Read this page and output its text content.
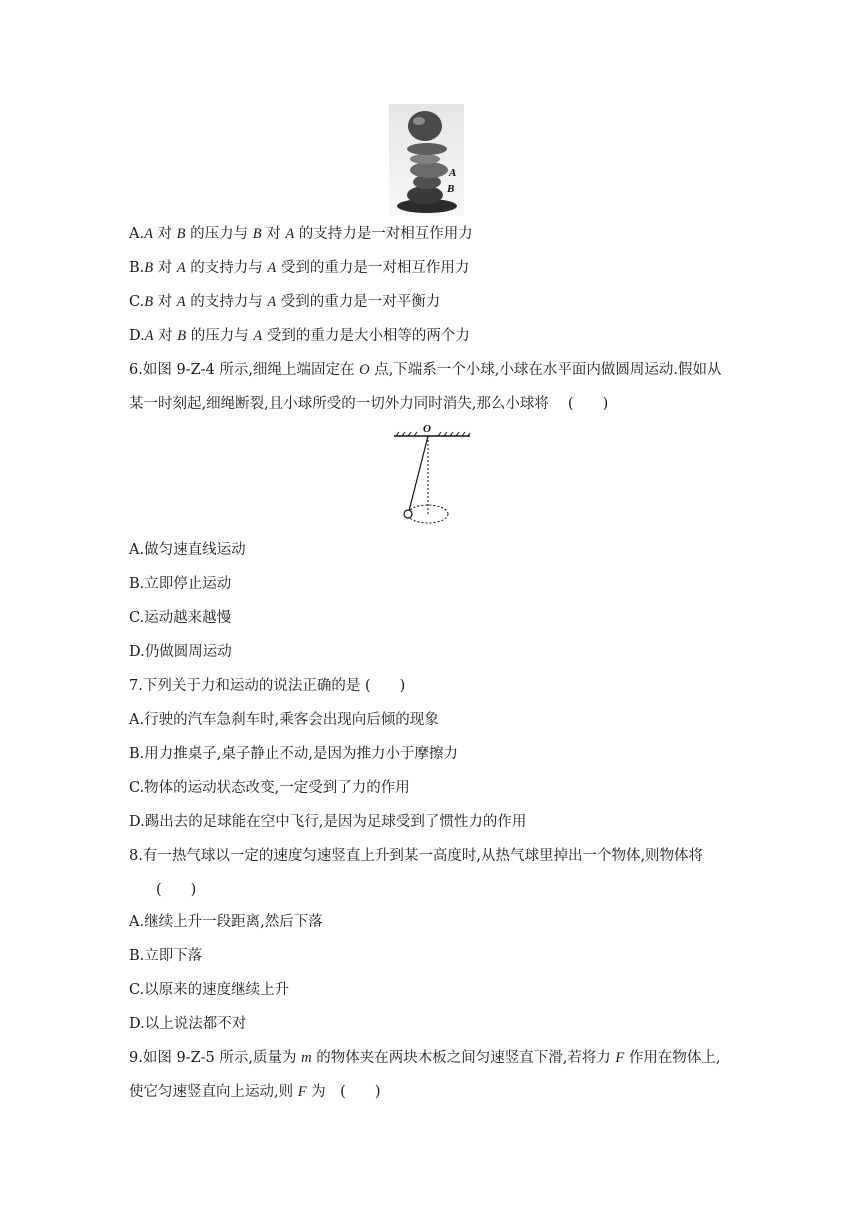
A
B
A.A 对 B 的压力与 B 对 A 的支持力是一对相互作用力
B.B 对 A 的支持力与 A 受到的重力是一对相互作用力
C.B 对 A 的支持力与 A 受到的重力是一对平衡力
D.A 对 B 的压力与 A 受到的重力是大小相等的两个力
6.如图 9-Z-4 所示,细绳上端固定在 O 点,下端系一个小球,小球在水平面内做圆周运动.假如从
某一时刻起,细绳断裂,且小球所受的一切外力同时消失,那么小球将　 (　　)
O
A.做匀速直线运动
B.立即停止运动
C.运动越来越慢
D.仍做圆周运动
7.下列关于力和运动的说法正确的是 (　　)
A.行驶的汽车急刹车时,乘客会出现向后倾的现象
B.用力推桌子,桌子静止不动,是因为推力小于摩擦力
C.物体的运动状态改变,一定受到了力的作用
D.踢出去的足球能在空中飞行,是因为足球受到了惯性力的作用
8.有一热气球以一定的速度匀速竖直上升到某一高度时,从热气球里掉出一个物体,则物体将
(　　)
A.继续上升一段距离,然后下落
B.立即下落
C.以原来的速度继续上升
D.以上说法都不对
9.如图 9-Z-5 所示,质量为 m 的物体夹在两块木板之间匀速竖直下滑,若将力 F 作用在物体上,
使它匀速竖直向上运动,则 F 为　(　　)
